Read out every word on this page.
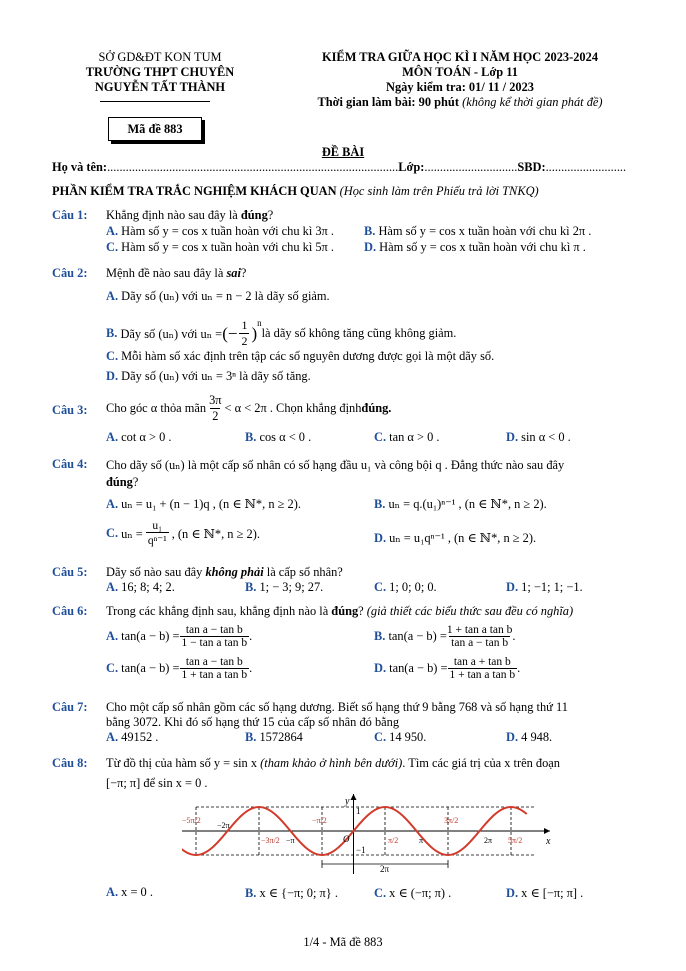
SỞ GD&ĐT KON TUM
TRƯỜNG THPT CHUYÊN
NGUYỄN TẤT THÀNH
Mã đề 883
KIỂM TRA GIỮA HỌC KÌ I NĂM HỌC 2023-2024
MÔN TOÁN - Lớp 11
Ngày kiểm tra: 01/ 11 / 2023
Thời gian làm bài: 90 phút (không kể thời gian phát đề)
ĐỀ BÀI
Họ và tên:..............................................................................................Lớp:..............................SBD:..........................
PHẦN KIỂM TRA TRẮC NGHIỆM KHÁCH QUAN (Học sinh làm trên Phiếu trả lời TNKQ)
Câu 1: Khẳng định nào sau đây là đúng?
A. Hàm số y = cos x tuần hoàn với chu kì 3π . B. Hàm số y = cos x tuần hoàn với chu kì 2π .
C. Hàm số y = cos x tuần hoàn với chu kì 5π . D. Hàm số y = cos x tuần hoàn với chu kì π .
Câu 2: Mệnh đề nào sau đây là sai?
A. Dãy số (uₙ) với uₙ = n − 2 là dãy số giảm.
B.
Dãy số (uₙ) với uₙ = (− 1
2 )
$^n$
là dãy số không tăng cũng không giảm.
C. Mỗi hàm số xác định trên tập các số nguyên dương được gọi là một dãy số.
D. Dãy số (uₙ) với uₙ = 3ⁿ là dãy số tăng.
Câu 3: Cho góc α thỏa mãn
3π
2
< α < 2π . Chọn khẳng định đúng.
A. cot α > 0 .	B. cos α < 0 .	C. tan α > 0 .	D. sin α < 0 .
Câu 4: Cho dãy số (uₙ) là một cấp số nhân có số hạng đầu u₁ và công bội q . Đẳng thức nào sau đây
đúng?
A. uₙ = u₁ + (n − 1)q , (n ∈ ℕ*, n ≥ 2).	B. uₙ = q.(u₁)ⁿ⁻¹ , (n ∈ ℕ*, n ≥ 2).
C.
$u_n = \frac{\text{u₁}}{\text{qⁿ⁻¹}}$ , (n ∈ ℕ*, n ≥ 2).	D. uₙ = u₁qⁿ⁻¹ , (n ∈ ℕ*, n ≥ 2).
Câu 5: Dãy số nào sau đây không phải là cấp số nhân?
A. 16; 8; 4; 2.	B. 1; − 3; 9; 27.	C. 1; 0; 0; 0.	D. 1; −1; 1; −1.
Câu 6: Trong các khẳng định sau, khẳng định nào là đúng? (giả thiết các biểu thức sau đều có nghĩa)
A.
$\tan(a - b) = \frac{\text{tan a − tan b}}{\text{1 − tan a tan b}}$ .	B.
$\tan(a - b) = \frac{\text{1 + tan a tan b}}{\text{tan a − tan b}}$ .
C.
$\tan(a - b) = \frac{\text{tan a − tan b}}{\text{1 + tan a tan b}}$ .	D.
$\tan(a - b) = \frac{\text{tan a + tan b}}{\text{1 + tan a tan b}}$ .
Câu 7: Cho một cấp số nhân gồm các số hạng dương. Biết số hạng thứ 9 bằng 768 và số hạng thứ 11
bằng 3072. Khi đó số hạng thứ 15 của cấp số nhân đó bằng
A. 49152 .	B. 1572864	C. 14 950.	D. 4 948.
Câu 8: Từ đồ thị của hàm số y = sin x (tham khảo ở hình bên dưới). Tìm các giá trị của x trên đoạn
[−π; π] để sin x = 0 .
y
x
1
−1
O
2π
−5π/2
−2π
−3π/2 −π
−π/2
π/2	π
3π/2
2π 5π/2
A. x = 0 .	B. x ∈ {−π; 0; π} .	C. x ∈ (−π; π) .	D. x ∈ [−π; π] .
1/4 - Mã đề 883
